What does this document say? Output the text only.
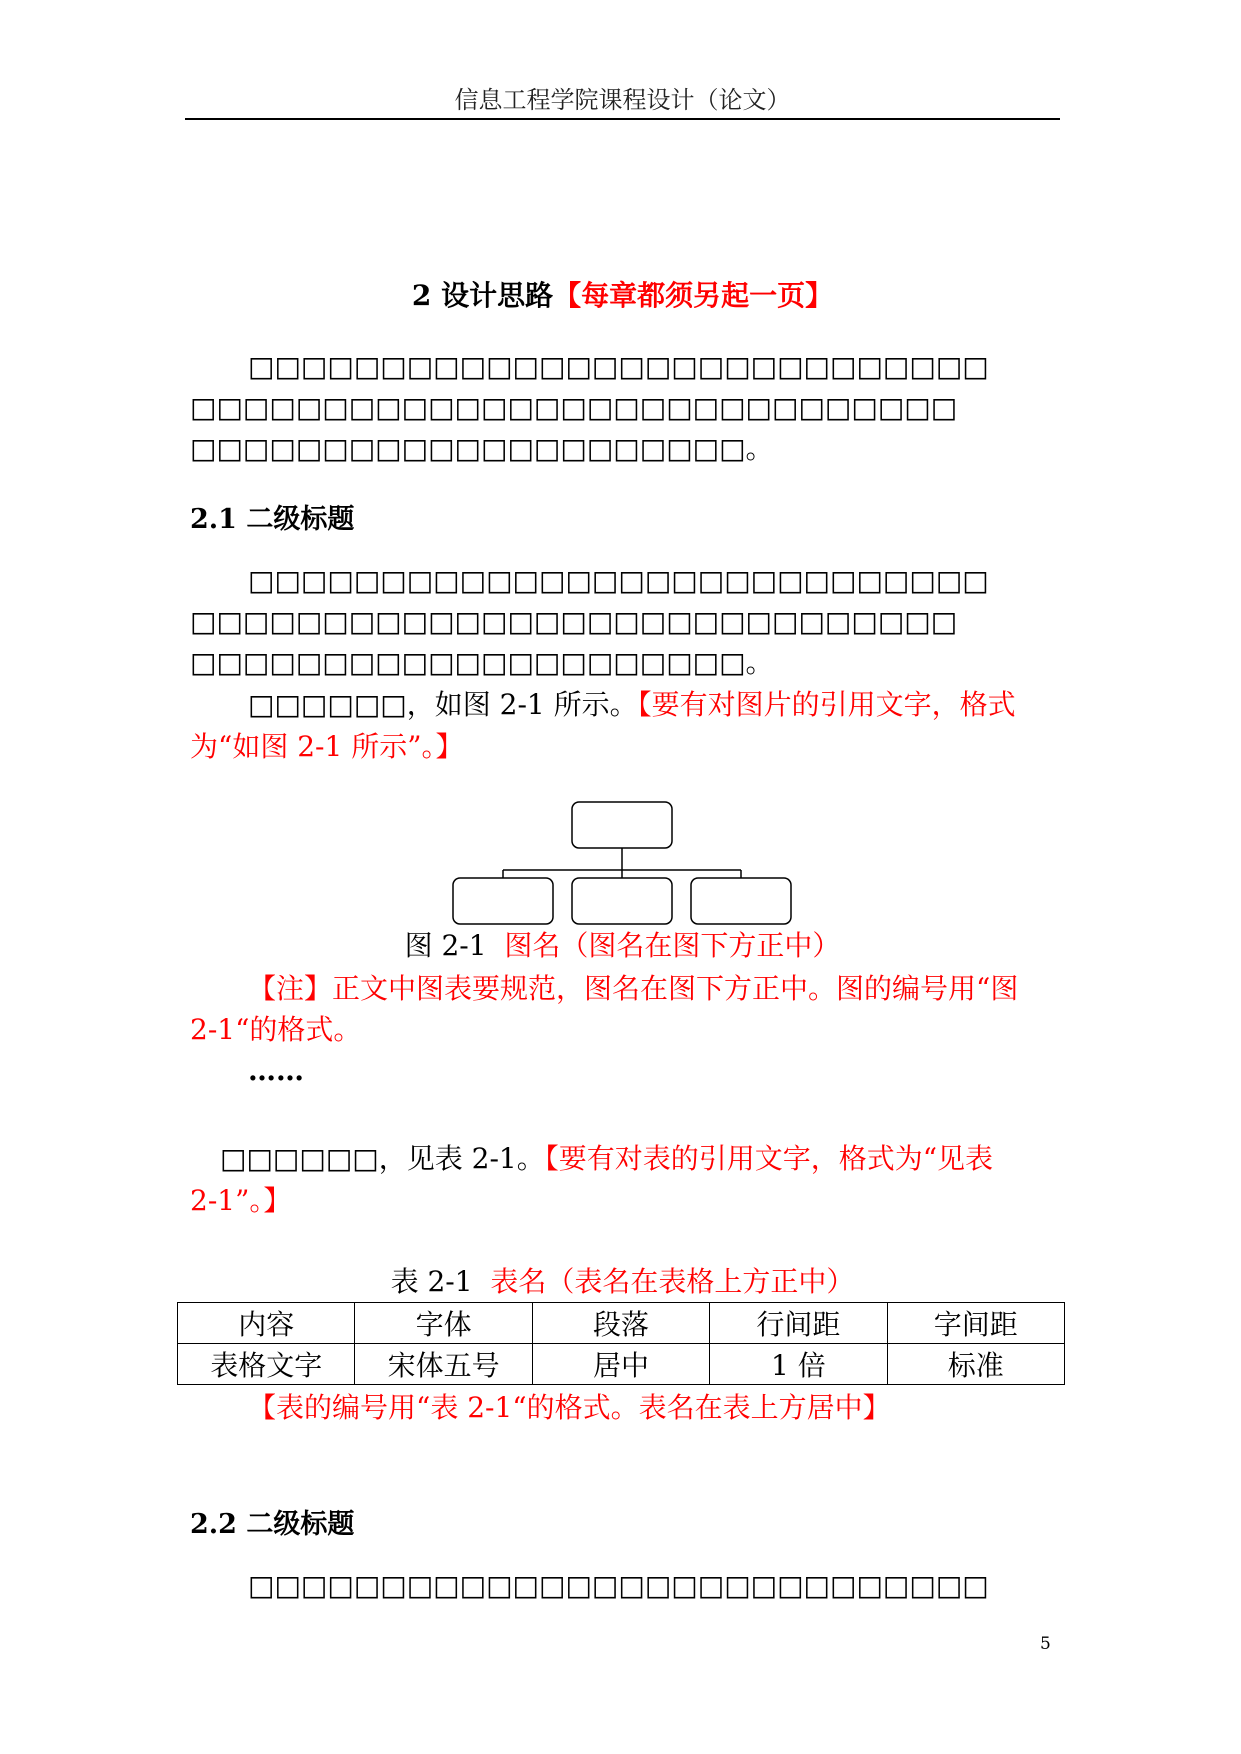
信息工程学院课程设计（论文）
2 设计思路【每章都须另起一页】
□□□□□□□□□□□□□□□□□□□□□□□□□□□□
□□□□□□□□□□□□□□□□□□□□□□□□□□□□□
□□□□□□□□□□□□□□□□□□□□□。
2.1 二级标题
□□□□□□□□□□□□□□□□□□□□□□□□□□□□
□□□□□□□□□□□□□□□□□□□□□□□□□□□□□
□□□□□□□□□□□□□□□□□□□□□。
□□□□□□，如图 2-1 所示。【要有对图片的引用文字，格式
为“如图 2-1 所示”。】
图 2-1 图名（图名在图下方正中）
【注】正文中图表要规范，图名在图下方正中。图的编号用“图
2-1“的格式。
……
□□□□□□，见表 2-1。【要有对表的引用文字，格式为“见表
2-1”。】
表 2-1 表名（表名在表格上方正中）
内容	字体	段落	行间距	字间距
表格文字	宋体五号	居中	1 倍	标准
【表的编号用“表 2-1“的格式。表名在表上方居中】
2.2 二级标题
□□□□□□□□□□□□□□□□□□□□□□□□□□□□
5
